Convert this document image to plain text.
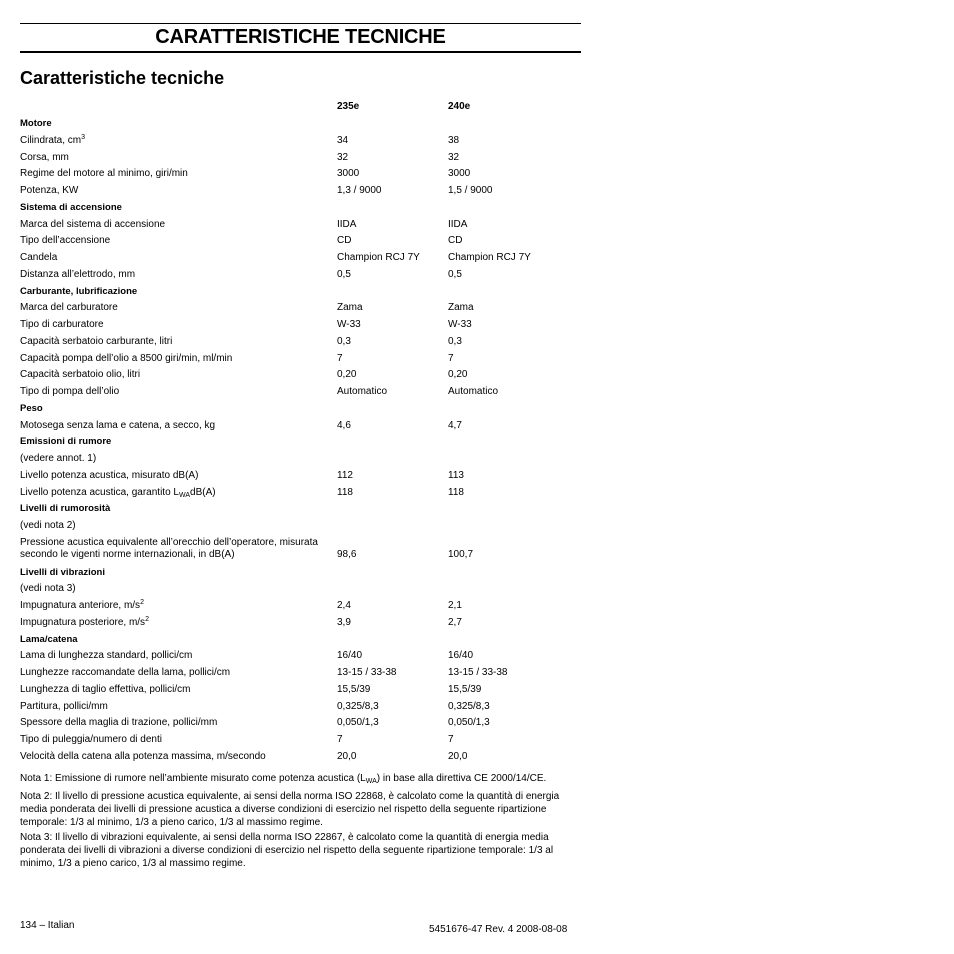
CARATTERISTICHE TECNICHE
Caratteristiche tecniche
235e	240e
Motore
Cilindrata, $cm^3$	34	38
Corsa, mm	32	32
Regime del motore al minimo, giri/min	3000	3000
Potenza, KW	1,3 / 9000	1,5 / 9000
Sistema di accensione
Marca del sistema di accensione	IIDA	IIDA
Tipo dell’accensione	CD	CD
Candela	Champion RCJ 7Y	Champion RCJ 7Y
Distanza all’elettrodo, mm	0,5	0,5
Carburante, lubrificazione
Marca del carburatore	Zama	Zama
Tipo di carburatore	W-33	W-33
Capacità serbatoio carburante, litri	0,3	0,3
Capacità pompa dell’olio a 8500 giri/min, ml/min	7	7
Capacità serbatoio olio, litri	0,20	0,20
Tipo di pompa dell’olio	Automatico	Automatico
Peso
Motosega senza lama e catena, a secco, kg	4,6	4,7
Emissioni di rumore
(vedere annot. 1)
Livello potenza acustica, misurato dB(A)	112	113
Livello potenza acustica, garantito $L_{WA}dB(A)$	118	118
Livelli di rumorosità
(vedi nota 2)
Pressione acustica equivalente all’orecchio dell’operatore, misurata secondo le vigenti norme internazionali, in dB(A)	98,6	100,7
Livelli di vibrazioni
(vedi nota 3)
Impugnatura anteriore, $m/s^2$	2,4	2,1
Impugnatura posteriore, $m/s^2$	3,9	2,7
Lama/catena
Lama di lunghezza standard, pollici/cm	16/40	16/40
Lunghezze raccomandate della lama, pollici/cm	13-15 / 33-38	13-15 / 33-38
Lunghezza di taglio effettiva, pollici/cm	15,5/39	15,5/39
Partitura, pollici/mm	0,325/8,3	0,325/8,3
Spessore della maglia di trazione, pollici/mm	0,050/1,3	0,050/1,3
Tipo di puleggia/numero di denti	7	7
Velocità della catena alla potenza massima, m/secondo	20,0	20,0
Nota 1: Emissione di rumore nell’ambiente misurato come potenza acustica $(L_{WA})$ in base alla direttiva CE 2000/14/CE.
Nota 2: Il livello di pressione acustica equivalente, ai sensi della norma ISO 22868, è calcolato come la quantità di energia media ponderata dei livelli di pressione acustica a diverse condizioni di esercizio nel rispetto della seguente ripartizione temporale: 1/3 al minimo, 1/3 a pieno carico, 1/3 al massimo regime.
Nota 3: Il livello di vibrazioni equivalente, ai sensi della norma ISO 22867, è calcolato come la quantità di energia media ponderata dei livelli di vibrazioni a diverse condizioni di esercizio nel rispetto della seguente ripartizione temporale: 1/3 al minimo, 1/3 a pieno carico, 1/3 al massimo regime.
134 – Italian	5451676-47 Rev. 4 2008-08-08
